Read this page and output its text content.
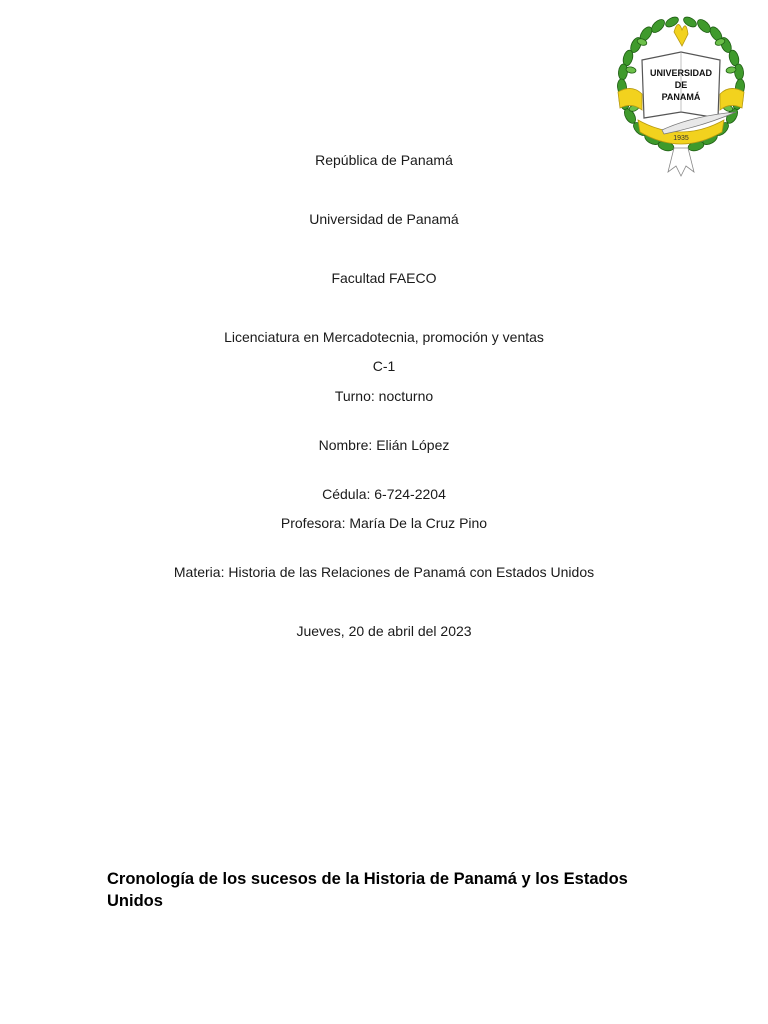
UNIVERSIDAD
DE
PANAMÁ
1935
República de Panamá
Universidad de Panamá
Facultad FAECO
Licenciatura en Mercadotecnia, promoción y ventas
C-1
Turno: nocturno
Nombre: Elián López
Cédula: 6-724-2204
Profesora: María De la Cruz Pino
Materia: Historia de las Relaciones de Panamá con Estados Unidos
Jueves, 20 de abril del 2023
Cronología de los sucesos de la Historia de Panamá y los Estados Unidos
